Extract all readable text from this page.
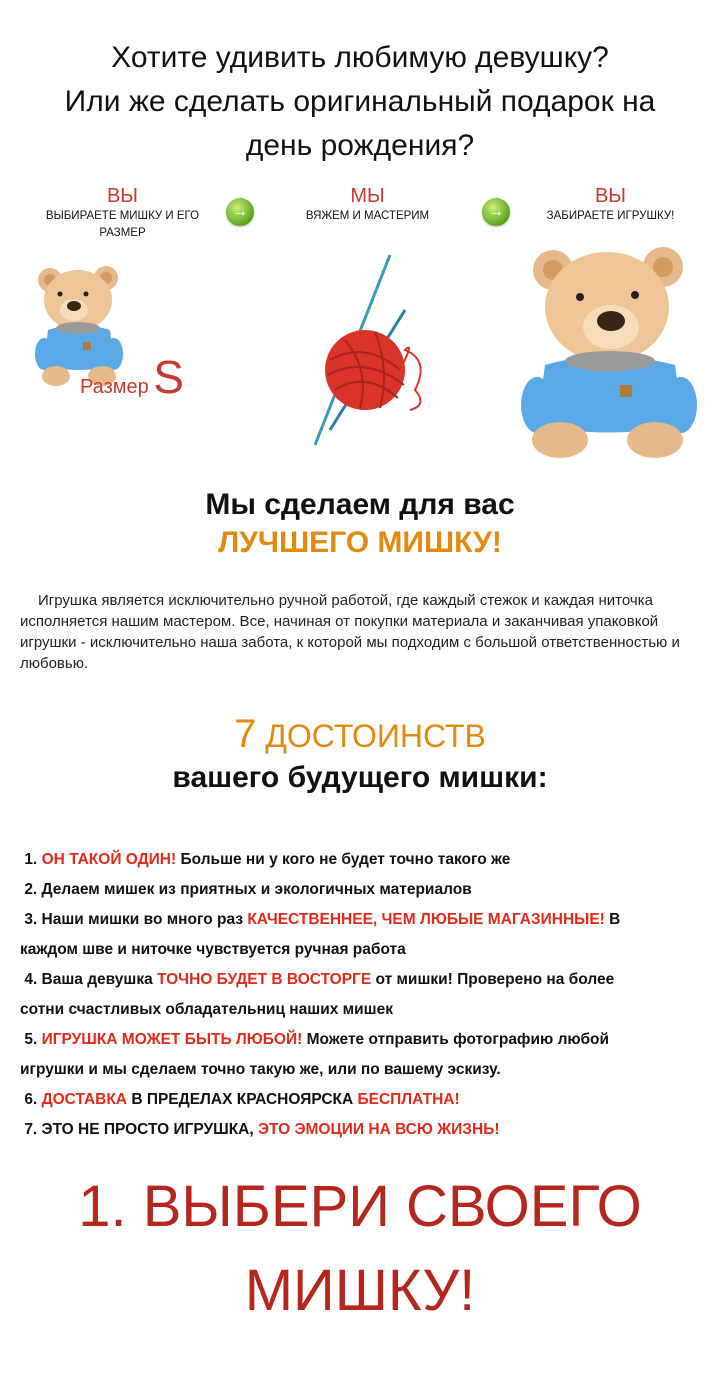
Хотите удивить любимую девушку?
Или же сделать оригинальный подарок на
день рождения?
ВЫ
ВЫБИРАЕТЕ МИШКУ И ЕГО
РАЗМЕР
→
МЫ
ВЯЖЕМ И МАСТЕРИМ	→
ВЫ
ЗАБИРАЕТЕ ИГРУШКУ!
Размер S
Мы сделаем для вас
ЛУЧШЕГО МИШКУ!
Игрушка является исключительно ручной работой, где каждый стежок и каждая ниточка исполняется нашим мастером. Все, начиная от покупки материала и заканчивая упаковкой игрушки - исключительно наша забота, к которой мы подходим с большой ответственностью и любовью.
7 ДОСТОИНСТВ
вашего будущего мишки:
1. ОН ТАКОЙ ОДИН! Больше ни у кого не будет точно такого же
2. Делаем мишек из приятных и экологичных материалов
3. Наши мишки во много раз КАЧЕСТВЕННЕЕ, ЧЕМ ЛЮБЫЕ МАГАЗИННЫЕ! В
каждом шве и ниточке чувствуется ручная работа
4. Ваша девушка ТОЧНО БУДЕТ В ВОСТОРГЕ от мишки! Проверено на более
сотни счастливых обладательниц наших мишек
5. ИГРУШКА МОЖЕТ БЫТЬ ЛЮБОЙ! Можете отправить фотографию любой
игрушки и мы сделаем точно такую же, или по вашему эскизу.
6. ДОСТАВКА В ПРЕДЕЛАХ КРАСНОЯРСКА БЕСПЛАТНА!
7. ЭТО НЕ ПРОСТО ИГРУШКА, ЭТО ЭМОЦИИ НА ВСЮ ЖИЗНЬ!
1. ВЫБЕРИ СВОЕГО
МИШКУ!
